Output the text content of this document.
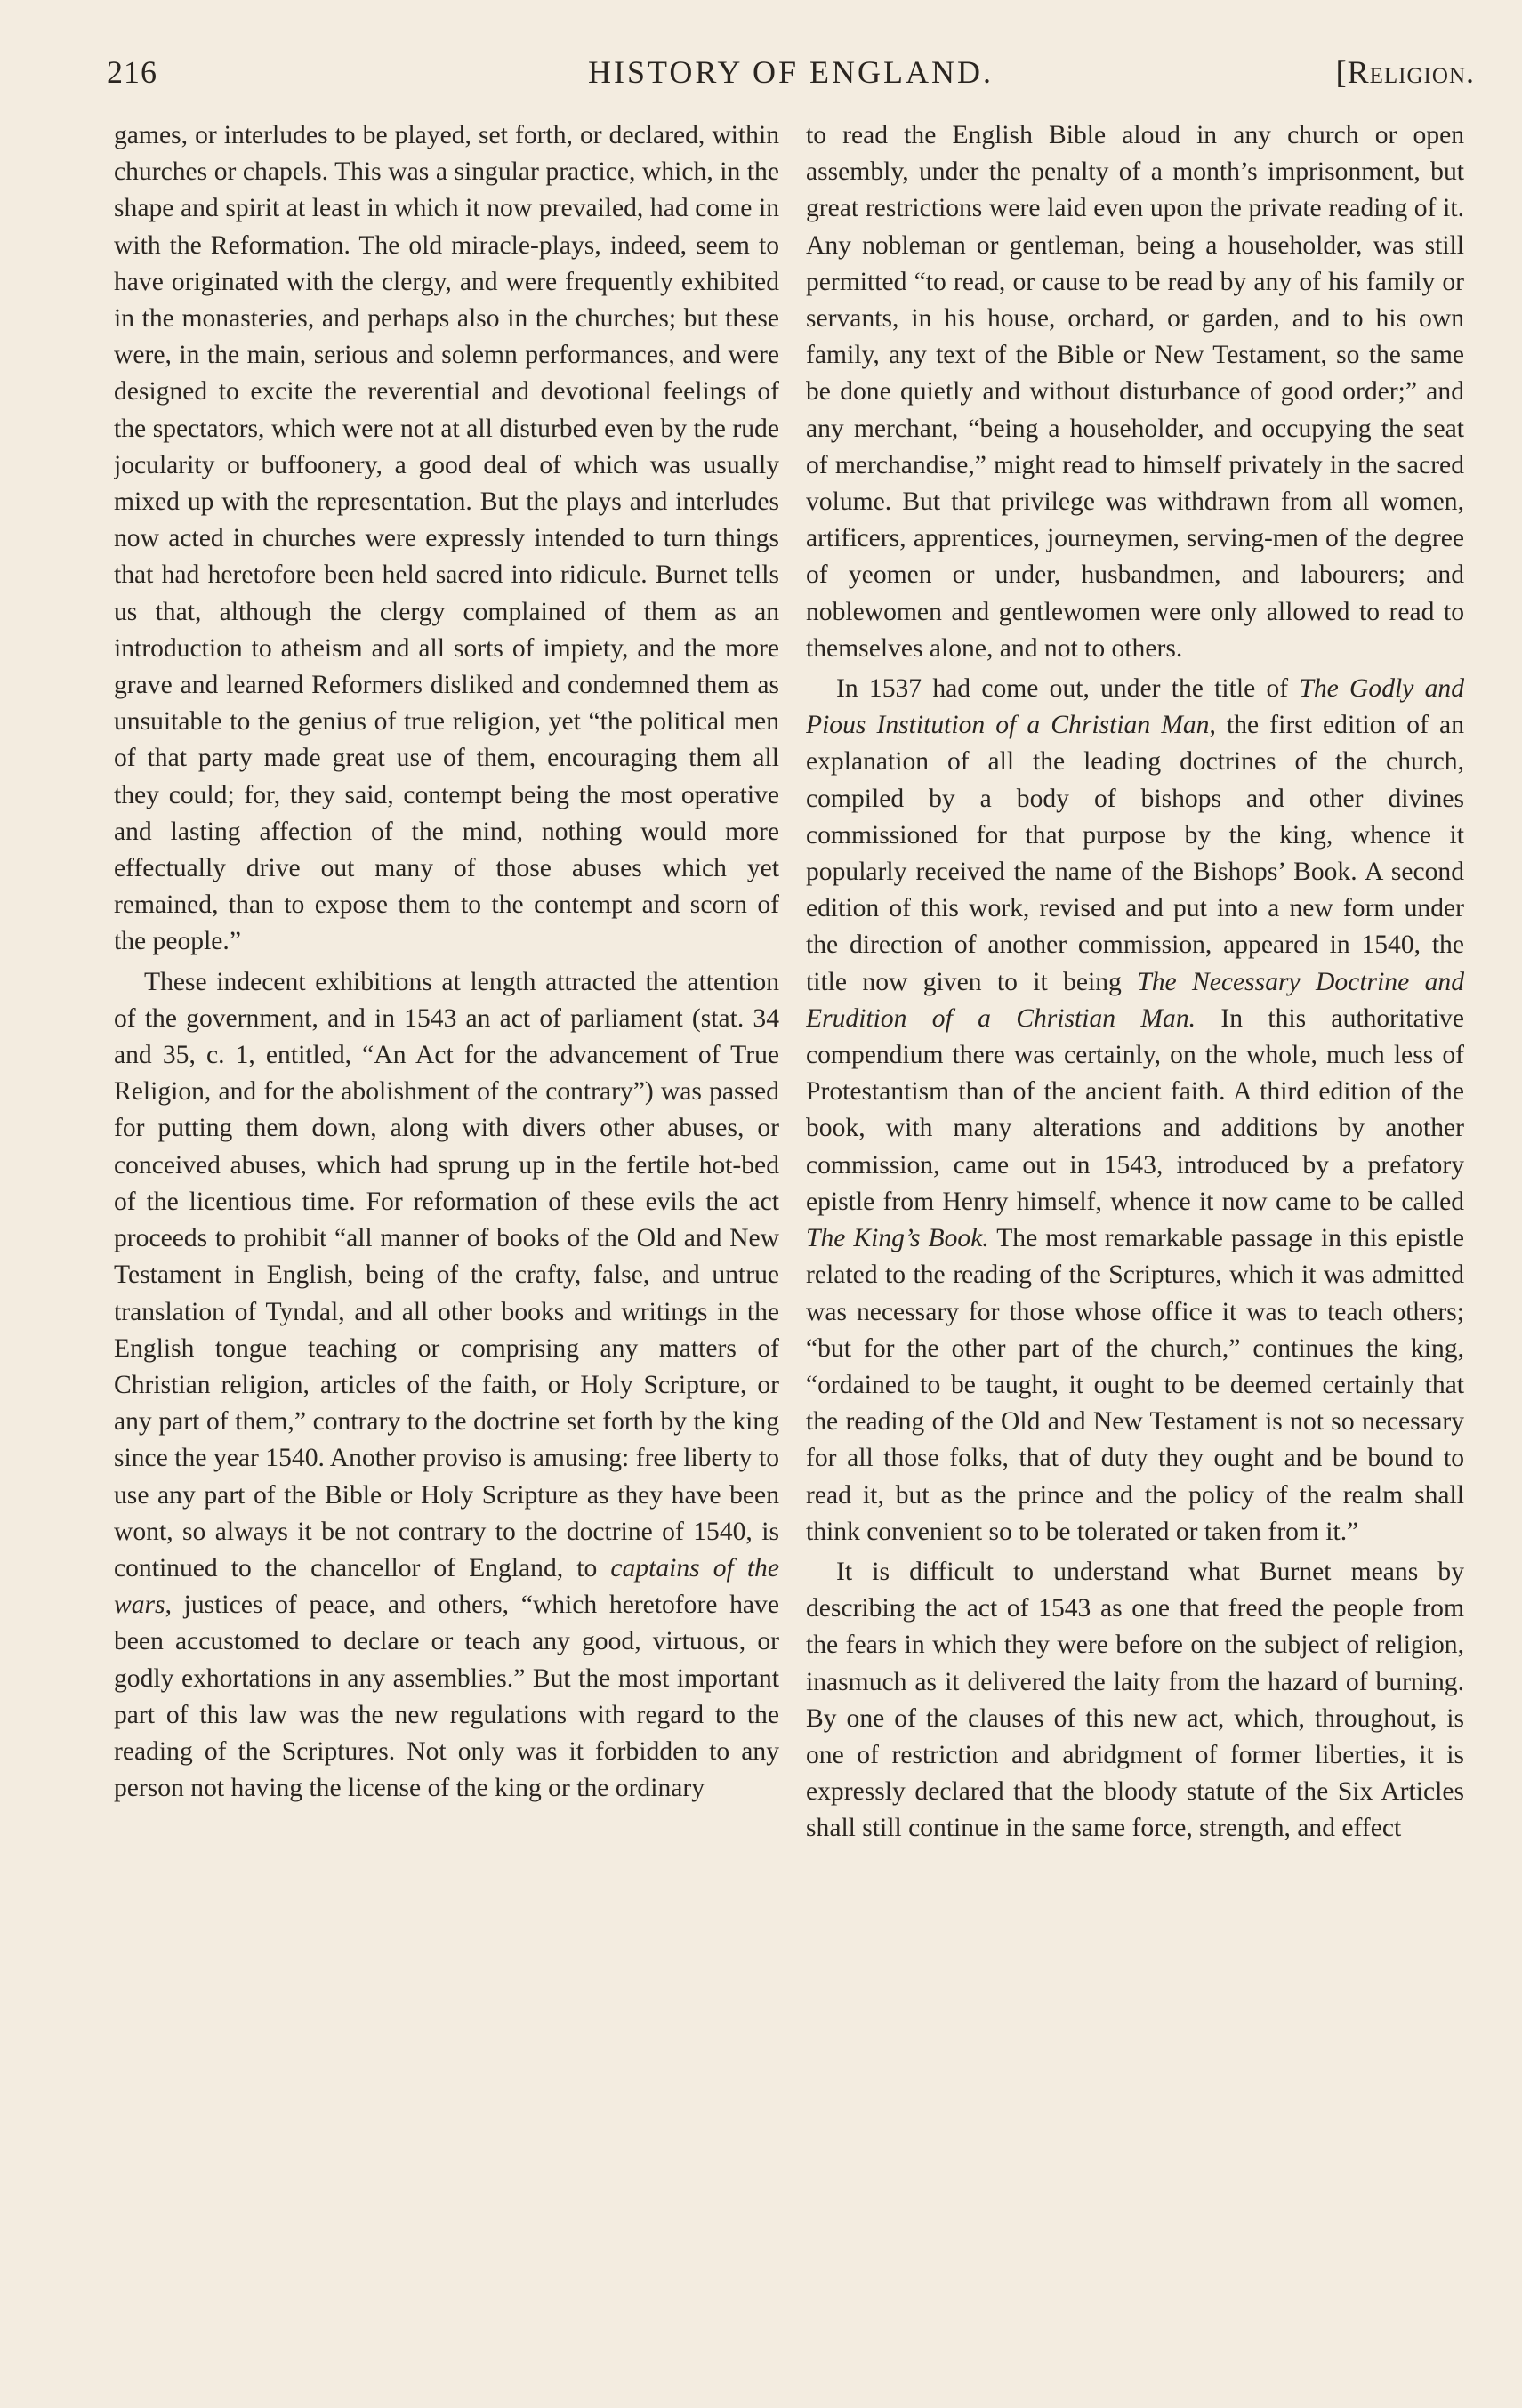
216	HISTORY OF ENGLAND.	[Religion.

games, or interludes to be played, set forth, or declared, within churches or chapels. This was a singular practice, which, in the shape and spirit at least in which it now prevailed, had come in with the Reformation. The old miracle-plays, indeed, seem to have originated with the clergy, and were frequently exhibited in the monasteries, and perhaps also in the churches; but these were, in the main, serious and solemn performances, and were designed to excite the reverential and devotional feelings of the spectators, which were not at all disturbed even by the rude jocularity or buffoonery, a good deal of which was usually mixed up with the representation. But the plays and interludes now acted in churches were expressly intended to turn things that had heretofore been held sacred into ridicule. Burnet tells us that, although the clergy complained of them as an introduction to atheism and all sorts of impiety, and the more grave and learned Reformers disliked and condemned them as unsuitable to the genius of true religion, yet “the political men of that party made great use of them, encouraging them all they could; for, they said, contempt being the most operative and lasting affection of the mind, nothing would more effectually drive out many of those abuses which yet remained, than to expose them to the contempt and scorn of the people.”

These indecent exhibitions at length attracted the attention of the government, and in 1543 an act of parliament (stat. 34 and 35, c. 1, entitled, “An Act for the advancement of True Religion, and for the abolishment of the contrary”) was passed for putting them down, along with divers other abuses, or conceived abuses, which had sprung up in the fertile hot-bed of the licentious time. For reformation of these evils the act proceeds to prohibit “all manner of books of the Old and New Testament in English, being of the crafty, false, and untrue translation of Tyndal, and all other books and writings in the English tongue teaching or comprising any matters of Christian religion, articles of the faith, or Holy Scripture, or any part of them,” contrary to the doctrine set forth by the king since the year 1540. Another proviso is amusing: free liberty to use any part of the Bible or Holy Scripture as they have been wont, so always it be not contrary to the doctrine of 1540, is continued to the chancellor of England, to captains of the wars, justices of peace, and others, “which heretofore have been accustomed to declare or teach any good, virtuous, or godly exhortations in any assemblies.” But the most important part of this law was the new regulations with regard to the reading of the Scriptures. Not only was it forbidden to any person not having the license of the king or the ordinary

to read the English Bible aloud in any church or open assembly, under the penalty of a month’s imprisonment, but great restrictions were laid even upon the private reading of it. Any nobleman or gentleman, being a householder, was still permitted “to read, or cause to be read by any of his family or servants, in his house, orchard, or garden, and to his own family, any text of the Bible or New Testament, so the same be done quietly and without disturbance of good order;” and any merchant, “being a householder, and occupying the seat of merchandise,” might read to himself privately in the sacred volume. But that privilege was withdrawn from all women, artificers, apprentices, journeymen, serving-men of the degree of yeomen or under, husbandmen, and labourers; and noblewomen and gentlewomen were only allowed to read to themselves alone, and not to others.

In 1537 had come out, under the title of The Godly and Pious Institution of a Christian Man, the first edition of an explanation of all the leading doctrines of the church, compiled by a body of bishops and other divines commissioned for that purpose by the king, whence it popularly received the name of the Bishops’ Book. A second edition of this work, revised and put into a new form under the direction of another commission, appeared in 1540, the title now given to it being The Necessary Doctrine and Erudition of a Christian Man. In this authoritative compendium there was certainly, on the whole, much less of Protestantism than of the ancient faith. A third edition of the book, with many alterations and additions by another commission, came out in 1543, introduced by a prefatory epistle from Henry himself, whence it now came to be called The King’s Book. The most remarkable passage in this epistle related to the reading of the Scriptures, which it was admitted was necessary for those whose office it was to teach others; “but for the other part of the church,” continues the king, “ordained to be taught, it ought to be deemed certainly that the reading of the Old and New Testament is not so necessary for all those folks, that of duty they ought and be bound to read it, but as the prince and the policy of the realm shall think convenient so to be tolerated or taken from it.”

It is difficult to understand what Burnet means by describing the act of 1543 as one that freed the people from the fears in which they were before on the subject of religion, inasmuch as it delivered the laity from the hazard of burning. By one of the clauses of this new act, which, throughout, is one of restriction and abridgment of former liberties, it is expressly declared that the bloody statute of the Six Articles shall still continue in the same force, strength, and effect
